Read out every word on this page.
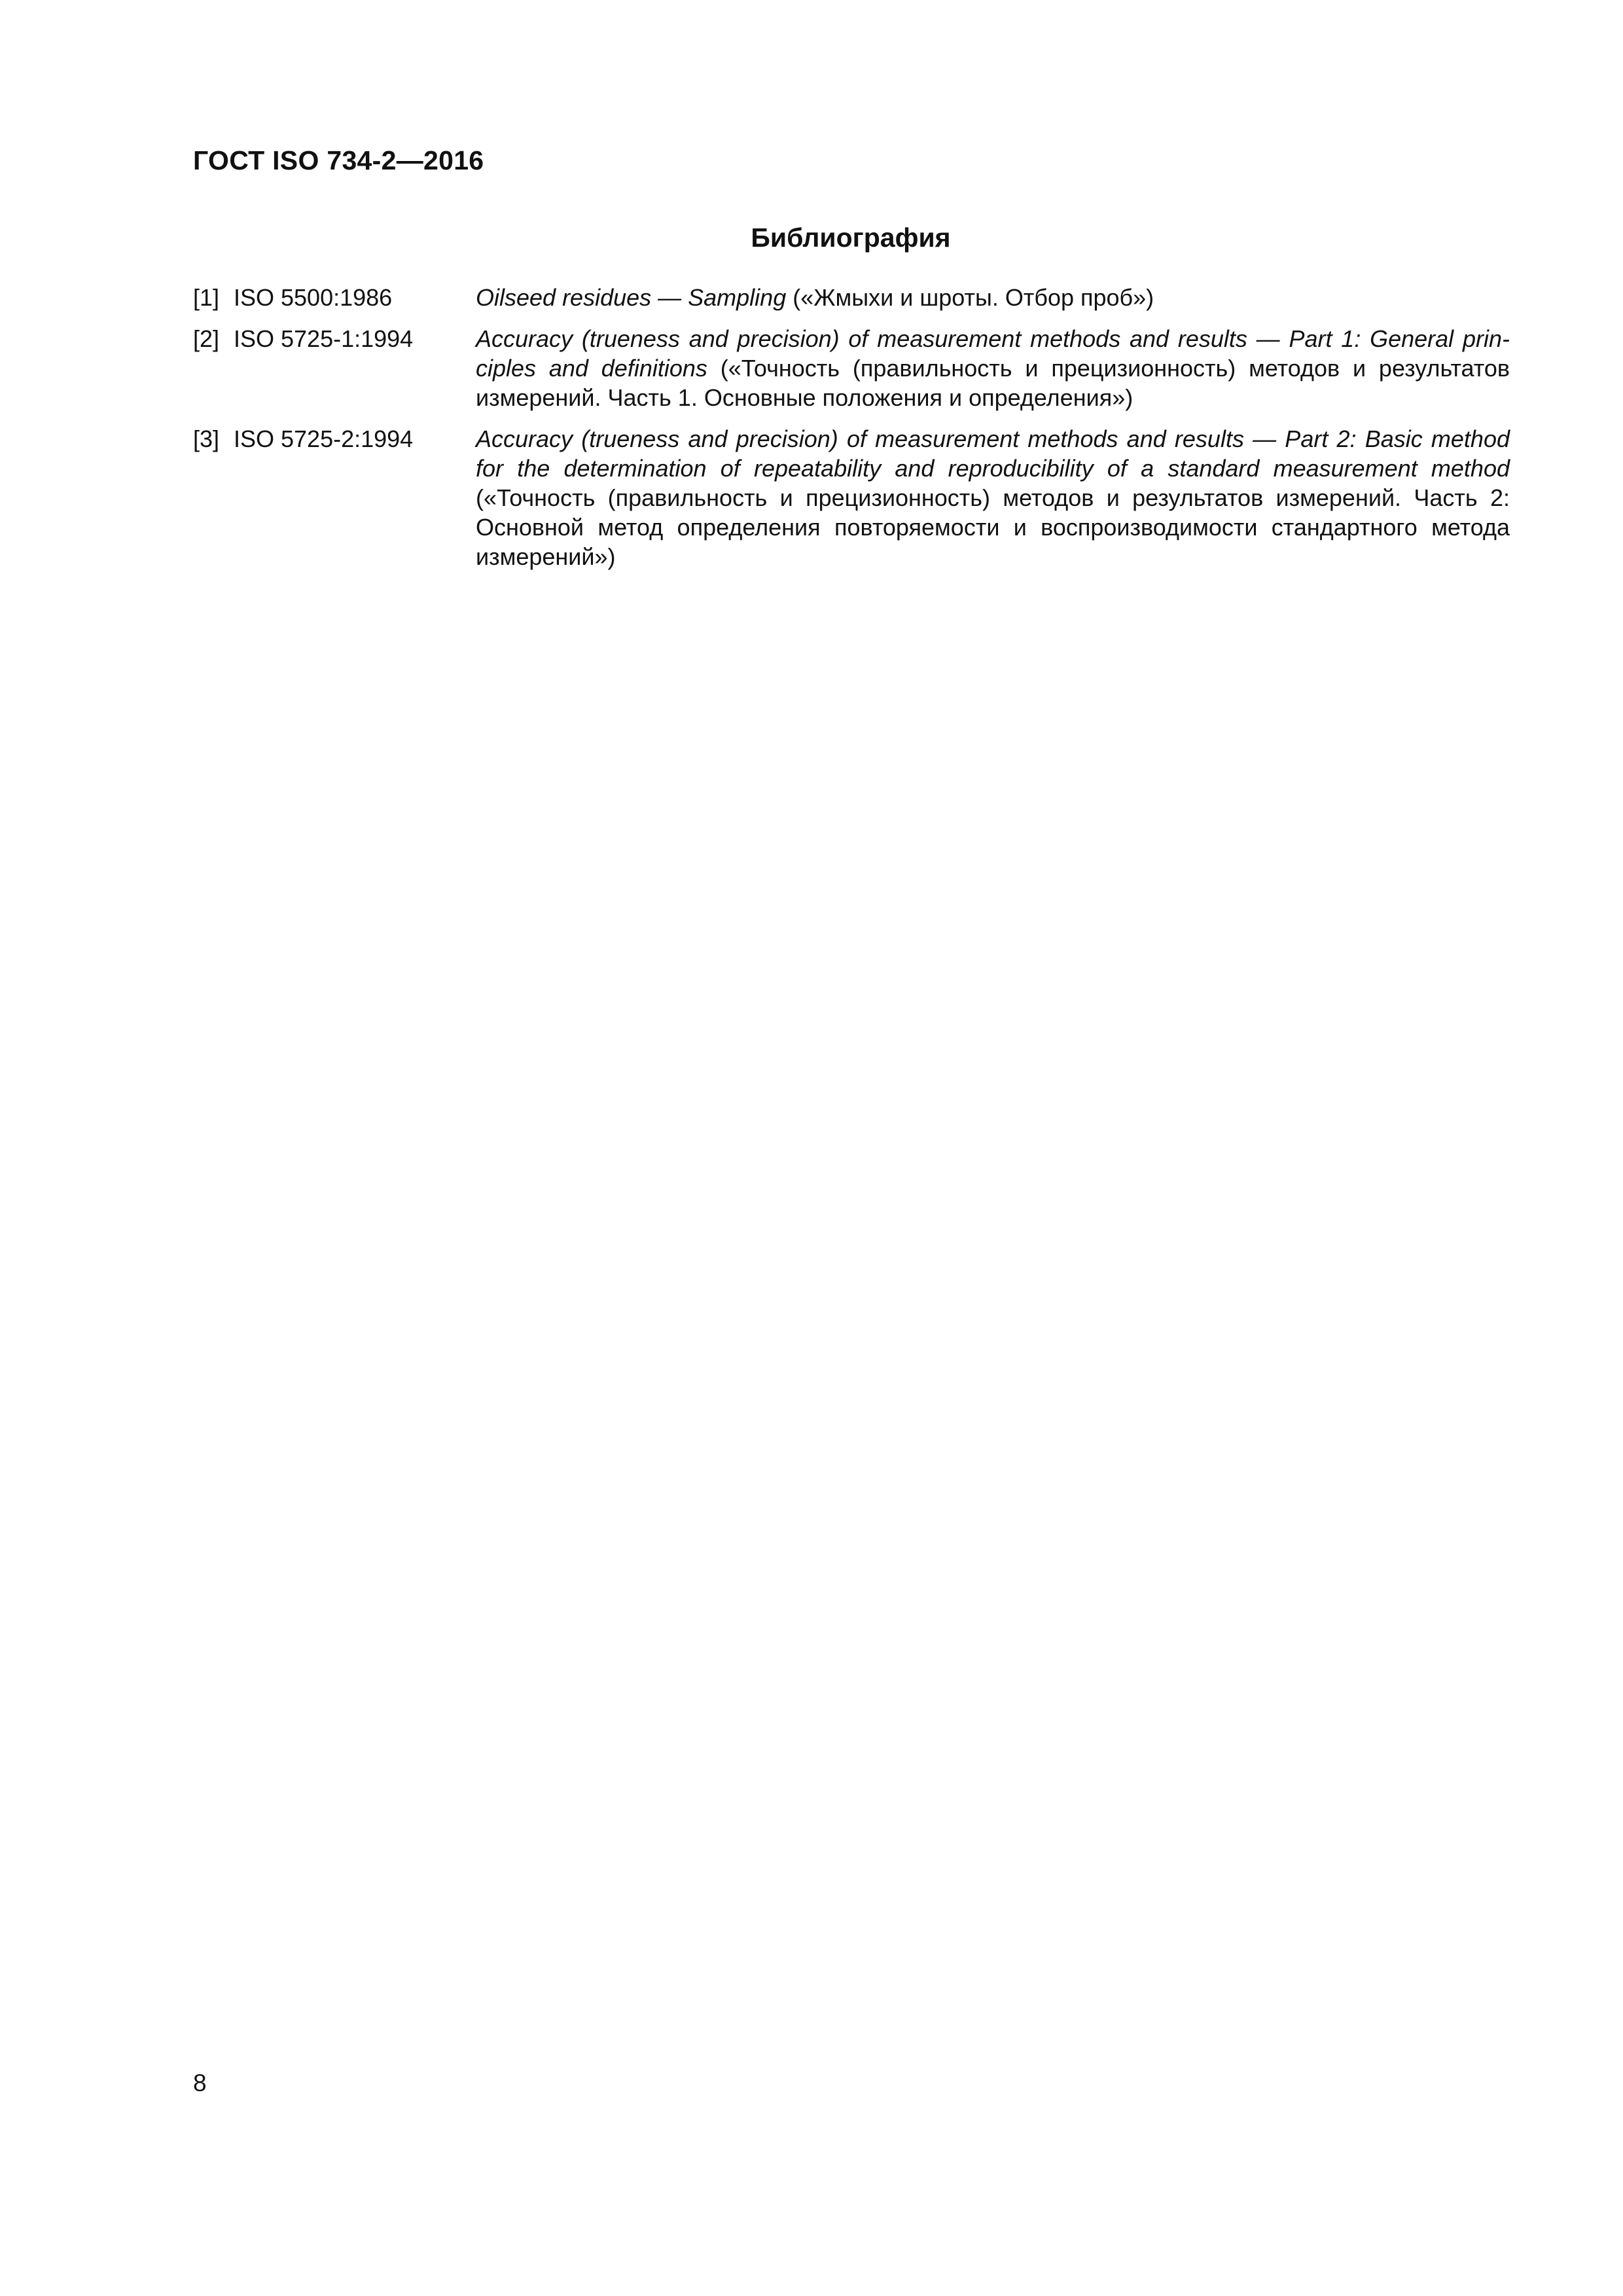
ГОСТ ISO 734-2—2016
Библиография
[1] ISO 5500:1986	Oilseed residues — Sampling («Жмыхи и шроты. Отбор проб»)
[2] ISO 5725-1:1994	Accuracy (trueness and precision) of measurement methods and results — Part 1: General prin-ciples and definitions («Точность (правильность и прецизионность) методов и результатов измерений. Часть 1. Основные положения и определения»)
[3] ISO 5725-2:1994	Accuracy (trueness and precision) of measurement methods and results — Part 2: Basic method for the determination of repeatability and reproducibility of a standard measurement method («Точность (правильность и прецизионность) методов и результатов измерений. Часть 2: Основной метод определения повторяемости и воспроизводимости стандартного метода измерений»)
8
